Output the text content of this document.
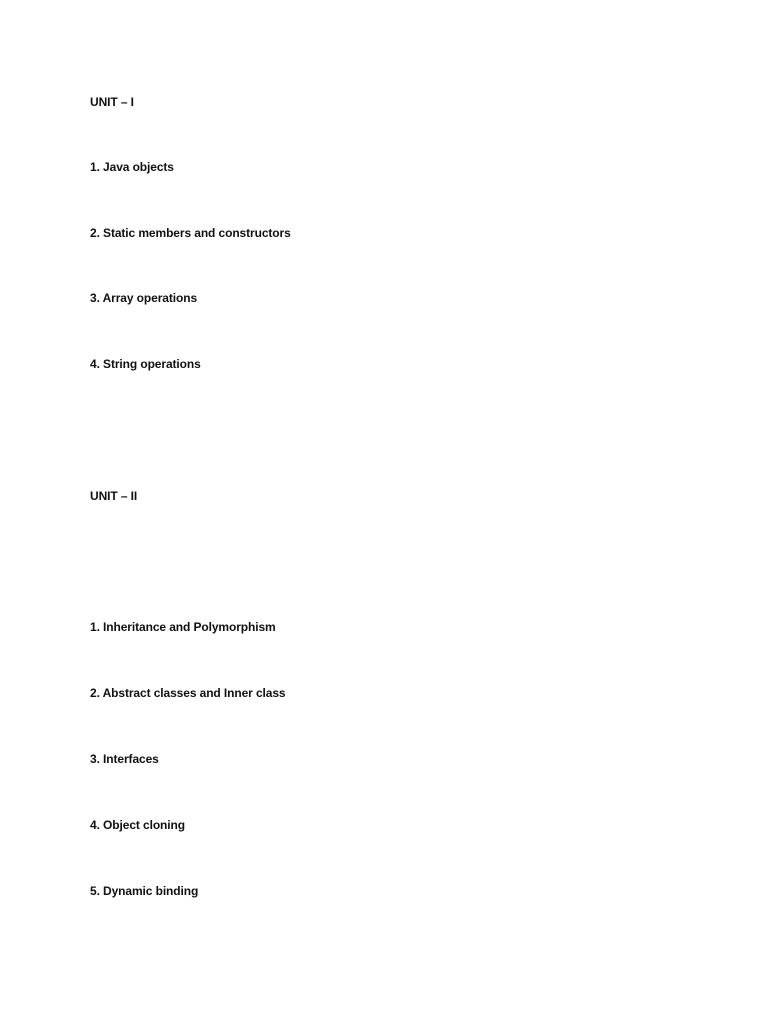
UNIT – I
1. Java objects
2. Static members and constructors
3. Array operations
4. String operations
UNIT – II
1. Inheritance and Polymorphism
2. Abstract classes and Inner class
3. Interfaces
4. Object cloning
5. Dynamic binding
